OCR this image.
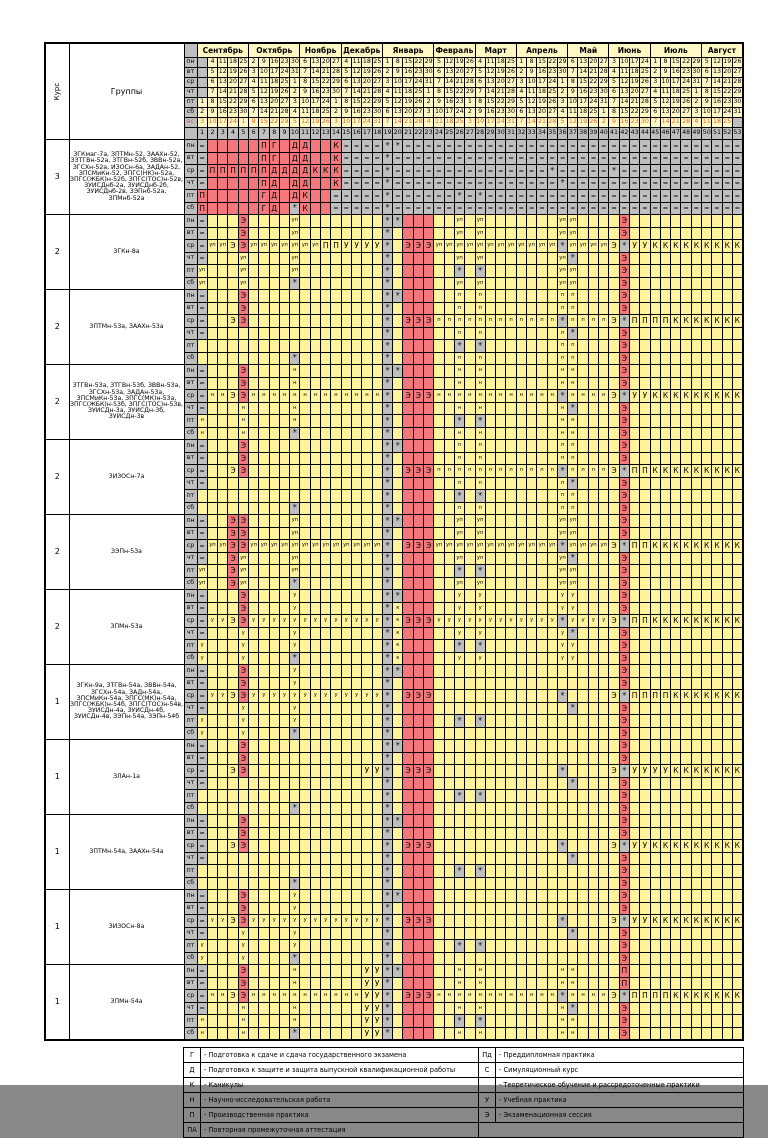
Курс	Группы		Сентябрь					Октябрь					Ноябрь				Декабрь				Январь					Февраль				Март				Апрель					Май				Июнь				Июль					Август			
		пн		4	11	18	25	2	9	16	23	30	6	13	20	27	4	11	18	25	1	8	15	22	29	5	12	19	26	4	11	18	25	1	8	15	22	29	6	13	20	27	3	10	17	24	1	8	15	22	29	5	12	19	26
		вт		5	12	19	26	3	10	17	24	31	7	14	21	28	5	12	19	26	2	9	16	23	30	6	13	20	27	5	12	19	26	2	9	16	23	30	7	14	21	28	4	11	18	25	2	9	16	23	30	6	13	20	27
		ср		6	13	20	27	4	11	18	25	1	8	15	22	29	6	13	20	27	3	10	17	24	31	7	14	21	28	6	13	20	27	3	10	17	24	1	8	15	22	29	5	12	19	26	3	10	17	24	31	7	14	21	28
		чт		7	14	21	28	5	12	19	26	2	9	16	23	30	7	14	21	28	4	11	18	25	1	8	15	22	29	7	14	21	28	4	11	18	25	2	9	16	23	30	6	13	20	27	4	11	18	25	1	8	15	22	29
		пт	1	8	15	22	29	6	13	20	27	3	10	17	24	1	8	15	22	29	5	12	19	26	2	9	16	23	1	8	15	22	29	5	12	19	26	3	10	17	24	31	7	14	21	28	5	12	19	26	2	9	16	23	30
		сб	2	9	16	23	30	7	14	21	28	4	11	18	25	2	9	16	23	30	6	13	20	27	3	10	17	24	2	9	16	23	30	6	13	20	27	4	11	18	25	1	8	15	22	29	6	13	20	27	3	10	17	24	31
		вс	3	10	17	24	1	8	15	22	29	5	12	19	26	3	10	17	24	31	7	14	21	28	4	11	18	25	3	10	17	24	31	7	14	21	28	5	12	19	26	2	9	16	23	30	7	14	21	28	4	11	18	25	
			1	2	3	4	5	6	7	8	9	10	11	12	13	14	15	16	17	18	19	20	21	22	23	24	25	26	27	28	29	30	31	32	33	34	35	36	37	38	39	40	41	42	43	44	45	46	47	48	49	50	51	52	53
3	ЗГКмаг-7а, ЗПТМн-52, ЗААХн-52, ЗЗТГВн-52а, ЗТГВн-52б, ЗВВн-52а, ЗГСХн-52а, ИЗОСн-6а, ЗАДАн-52, ЗПСМиКн-52, ЗПГС(НК)н-52а, ЗПГС(ЖБК)н-52б, ЗПГС(ТОС)н-52в, ЗУИСДнб-2а, ЗУИСДнб-2б, ЗУИСДнб-2в, ЗЭПнб-52а, ЗПМнб-52а	пн	=						П	Г		Д	Д			К	=	=	=	=	✳	✳	=	=	=	=	=	=	=	=	=	=	=	=	=	=	=	=	=	=	=	=	=	=	=	=	=	=	=	=	=	=	=	=	=
		вт	=						П	Г		Д	Д			К	=	=	=	=	✳	=	=	=	=	=	=	=	=	=	=	=	=	=	=	=	=	=	=	=	=	=	=	=	=	=	=	=	=	=	=	=	=	=	=
		ср	=	П	П	П	П	П	П	Д	Д	Д	Д	К	К	К	=	=	=	=	✳	=	=	=	=	=	=	=	=	=	=	=	=	=	=	=	✳	=	=	=	=	=	✳	=	=	=	=	=	=	=	=	=	=	=	=
		чт	=						П	Д		Д	Д			К	=	=	=	=	✳	=	=	=	=	=	=	=	=	=	=	=	=	=	=	=	=	✳	=	=	=	=	=	=	=	=	=	=	=	=	=	=	=	=	=
		пт	П						Г	Д		Д	К			=	=	=	=	=	✳	=	=	=	=	=	=	✳	=	✳	=	=	=	=	=	=	=	=	=	=	=	=	=	=	=	=	=	=	=	=	=	=	=	=	=
		сб	П						Г	Д		✳	К			=	=	=	=	=	✳	=	=	=	=	=	=	=	=	=	=	=	=	=	=	=	=	=	=	=	=	=	=	=	=	=	=	=	=	=	=	=	=	=	=
2	ЗГКн-8а	пн	=				Э					уп									✳	✳						уп		уп								уп	уп					Э											
		вт	=				Э					уп									✳							уп		уп								уп	уп					Э											
		ср	=	уп	уп	Э	Э	уп	уп	уп	уп	уп	уп	уп	П	П	У	У	У	У	✳		Э	Э	Э	уп	уп	уп	уп	уп	уп	уп	уп	уп	уп	уп	уп	✳	уп	уп	уп	уп	Э	✳	У	У	К	К	К	К	К	К	К	К	К
		чт	=				уп					уп									✳							уп		уп								уп	✳					Э											
		пт	уп				уп					уп									✳							✳		✳								уп	уп					Э											
		сб	уп				уп					✳									✳							уп		уп								уп	уп					Э											
2	ЗПТМн-53а, ЗААХн-53а	пн	=				Э														✳	✳						п		п								п	п					Э											
		вт	=				Э														✳							п		п								п	п					Э											
		ср	=			Э	Э														✳		Э	Э	Э	п	п	п	п	п	п	п	п	п	п	п	п	✳	п	п	п	п	Э	✳	П	П	П	П	К	К	К	К	К	К	К
		чт	=																		✳							п		п								п	✳					Э											
		пт																			✳							✳		✳								п	п					Э											
		сб										✳									✳							п		п								п	п					Э											
2	ЗТГВн-53а, ЗТГВн-53б, ЗВВн-53а, ЗГСХн-53а, ЗАДАн-53а, ЗПСМиКн-53а, ЗПГС(МК)н-53а, ЗПГС(ЖБК)н-53б, ЗПГС(ТОС)н-53в, ЗУИСДн-3а, ЗУИСДн-3б, ЗУИСДн-3в	пн	=				Э					н									✳	✳						н		н								н	н					Э											
		вт	=				Э					н									✳							н		н								н	н					Э											
		ср	=	н	н	Э	Э	н	н	н	н	н	н	н	н	н	н	н	н	н	✳		Э	Э	Э	н	н	н	н	н	н	н	н	н	н	н	н	✳	н	н	н	н	Э	✳	У	У	К	К	К	К	К	К	К	К	К
		чт	=				н					н									✳							н		н								н	✳					Э											
		пт	н				н					н									✳							✳		✳								н	н					Э											
		сб	н				н					✳									✳							н		н								н	н					Э											
2	ЗИЗОСн-7а	пн	=				Э														✳	✳						п		п								п	п					Э											
		вт	=				Э														✳							п		п								п	п					Э											
		ср	=			Э	Э														✳		Э	Э	Э	п	п	п	п	п	п	п	п	п	п	п	п	✳	п	п	п	п	Э	✳	П	П	К	К	К	К	К	К	К	К	К
		чт	=																		✳							п		п								п	✳					Э											
		пт																			✳							✳		✳								п	п					Э											
		сб										✳									✳							п		п								п	п					Э											
2	ЗЭПн-53а	пн	=			Э	Э					уп									✳	✳						уп		уп								уп	уп					Э											
		вт	=			Э	Э					уп									✳							уп		уп								уп	уп					Э											
		ср	=	уп	уп	Э	Э	уп	уп	уп	уп	уп	уп	уп	уп	уп	уп	уп	уп	уп	✳		Э	Э	Э	уп	уп	уп	уп	уп	уп	уп	уп	уп	уп	уп	уп	✳	уп	уп	уп	уп	Э	✳	П	П	К	К	К	К	К	К	К	К	К
		чт	=			Э	уп					уп									✳							уп		уп								уп	✳					Э											
		пт	уп			Э	уп					уп									✳							✳		✳								уп	уп					Э											
		сб	уп			Э	уп					✳									✳							уп		уп								уп	уп					Э											
2	ЗПМн-53а	пн	=				Э					у									✳	✳						у		у								у	у					Э											
		вт	=				Э					у									✳	к						у		у								у	у					Э											
		ср	=	у	у	Э	Э	у	у	у	у	у	у	у	у	у	у	у	у	у	✳	к	Э	Э	Э	у	у	у	у	у	у	у	у	у	у	у	у	✳	у	у	у	у	Э	✳	П	П	К	К	К	К	К	К	К	К	К
		чт	=				у					у									✳	к						у		у								у	✳					Э											
		пт	у				у					у									✳	к						✳		✳								у	у					Э											
		сб	у				у					✳									✳	к						у		у								у	у					Э											
1	ЗГКн-9а, ЗТГВн-54а, ЗВВн-54а, ЗГСХн-54а, ЗАДн-54а, ЗПСМиКн-54а, ЗПГС(МК)н-54а, ЗПГС(ЖБК)н-54б, ЗПГС(ТОС)н-54в, ЗУИСДн-4а, ЗУИСДн-4б, ЗУИСДн-4в, ЗЭПн-54а, ЗЭПн-54б	пн	=				Э					у									✳	✳																						Э											
		вт	=				Э					у									✳																							Э											
		ср	=	у	у	Э	Э	у	у	у	у	у	у	у	у	у	у	у	у	у	✳		Э	Э	Э													✳					Э	✳	П	П	П	П	К	К	К	К	К	К	К
		чт	=				у					у									✳																		✳					Э											
		пт	у				у					у									✳							✳		✳														Э											
		сб	у				у					✳									✳																							Э											
1	ЗЛАн-1а	пн	=				Э														✳	✳																						Э											
		вт	=				Э														✳																							Э											
		ср	=			Э	Э												У	У	✳		Э	Э	Э													✳					Э	✳	У	У	У	У	К	К	К	К	К	К	К
		чт	=																		✳																		✳					Э											
		пт																			✳							✳		✳														Э											
		сб										✳									✳																							Э											
1	ЗПТМн-54а, ЗААХн-54а	пн	=				Э														✳	✳																						Э											
		вт	=				Э														✳																							Э											
		ср	=			Э	Э														✳		Э	Э	Э													✳					Э	✳	У	У	К	К	К	К	К	К	К	К	К
		чт	=																		✳																		✳					Э											
		пт																			✳							✳		✳														Э											
		сб										✳									✳																							Э											
1	ЗИЗОСн-8а	пн	=				Э					у									✳	✳																						Э											
		вт	=				Э					у									✳																							Э											
		ср	=	у	у	Э	Э	у	у	у	у	у	у	у	у	у	у	у	у	у	✳		Э	Э	Э													✳					Э	✳	У	У	К	К	К	К	К	К	К	К	К
		чт	=				у					у									✳																		✳					Э											
		пт	у				у					у									✳							✳		✳														Э											
		сб	у				у					✳									✳																							Э											
1	ЗПМн-54а	пн	=				Э					н							У	У	✳	✳						н		н								н	н					П											
		вт	=				Э					н							У	У	✳							н		н								н	н					П											
		ср	=	н	н	Э	Э	н	н	н	н	н	н	н	н	н	н	н	У	У	✳		Э	Э	Э	н	н	н	н	н	н	н	н	н	н	н	н	✳	н	н	н	н	Э	✳	П	П	П	П	К	К	К	К	К	К	К
		чт	=				н					н							У	У	✳							н		н								н	✳					Э											
		пт	н				н					н							У	У	✳							✳		✳								н	н					Э											
		сб	н				н					✳							У	У	✳							н		н								н	н					Э											
Г	- Подготовка к сдаче и сдача государственного экзамена	Пд	- Преддипломная практика
Д	- Подготовка к защите и защита выпускной квалификационной работы	С	- Симуляционный курс
К	- Каникулы		- Теоретическое обучение и рассредоточенные практики
Н	- Научно-исследовательская работа	У	- Учебная практика
П	- Производственная практика	Э	- Экзаменационная сессия
ПА	- Повторная промежуточная аттестация		
